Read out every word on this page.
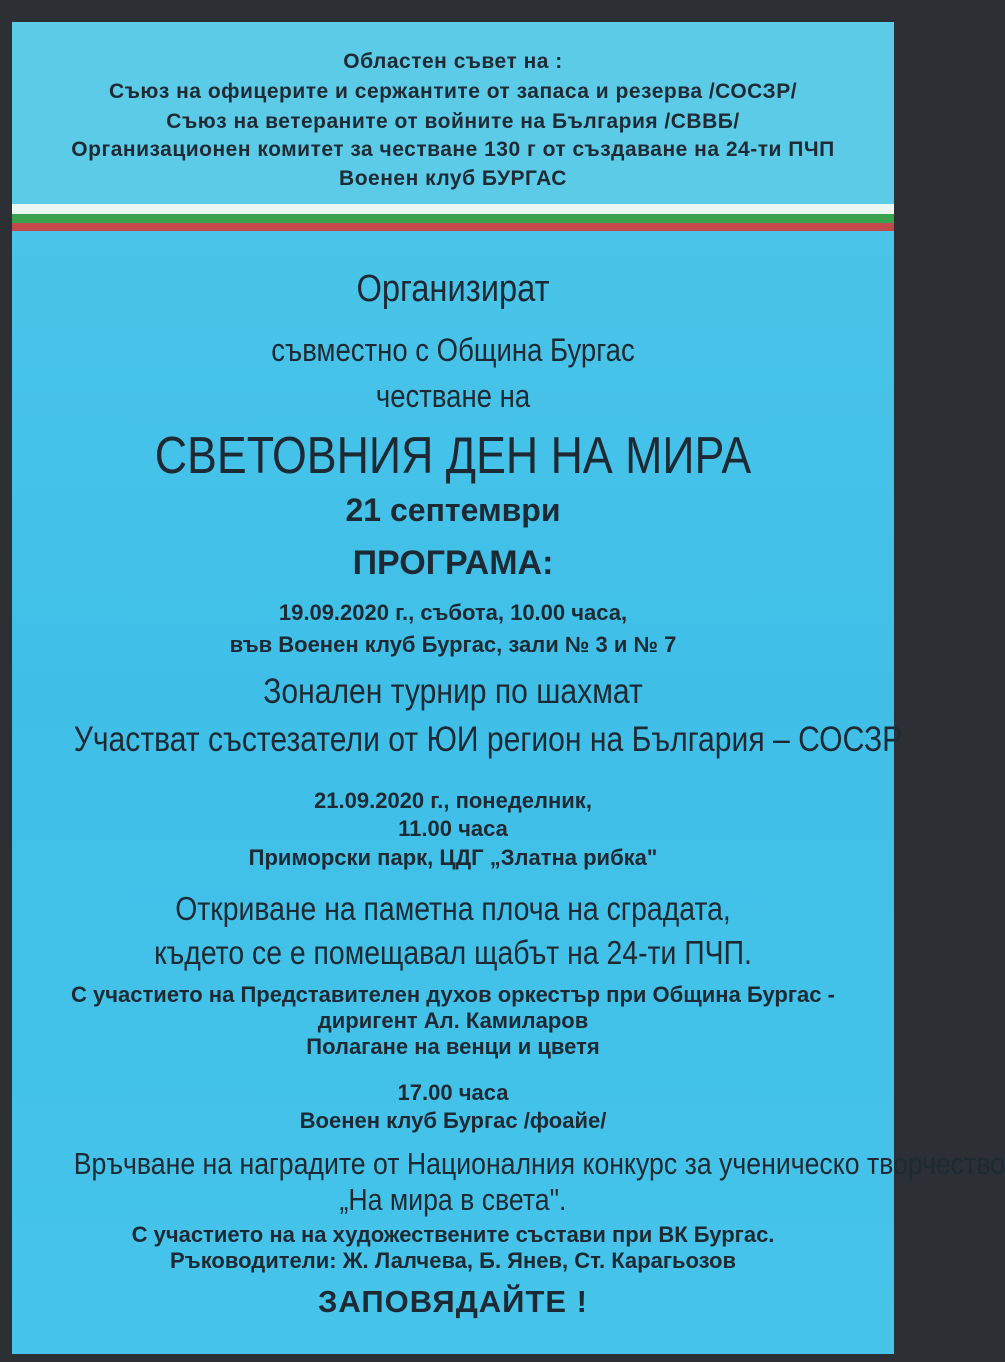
Областен съвет на :
Съюз на офицерите и сержантите от запаса и резерва /СОСЗР/
Съюз на ветераните от войните на България /СВВБ/
Организационен комитет за честване 130 г от създаване на 24-ти ПЧП
Военен клуб БУРГАС
Организират
съвместно с Община Бургас
честване на
СВЕТОВНИЯ ДЕН НА МИРА
21 септември
ПРОГРАМА:
19.09.2020 г., събота, 10.00 часа,
във Военен клуб Бургас, зали № 3 и № 7
Зонален турнир по шахмат
Участват състезатели от ЮИ регион на България – СОСЗР
21.09.2020 г., понеделник,
11.00 часа
Приморски парк, ЦДГ „Златна рибка"
Откриване на паметна плоча на сградата,
където се е помещавал щабът на 24-ти ПЧП.
С участието на Представителен духов оркестър при Община Бургас -
диригент Ал. Камиларов
Полагане на венци и цветя
17.00 часа
Военен клуб Бургас /фоайе/
Връчване на наградите от Националния конкурс за ученическо творчество
„На мира в света".
С участието на на художествените състави при ВК Бургас.
Ръководители: Ж. Лалчева, Б. Янев, Ст. Карагьозов
ЗАПОВЯДАЙТЕ !
